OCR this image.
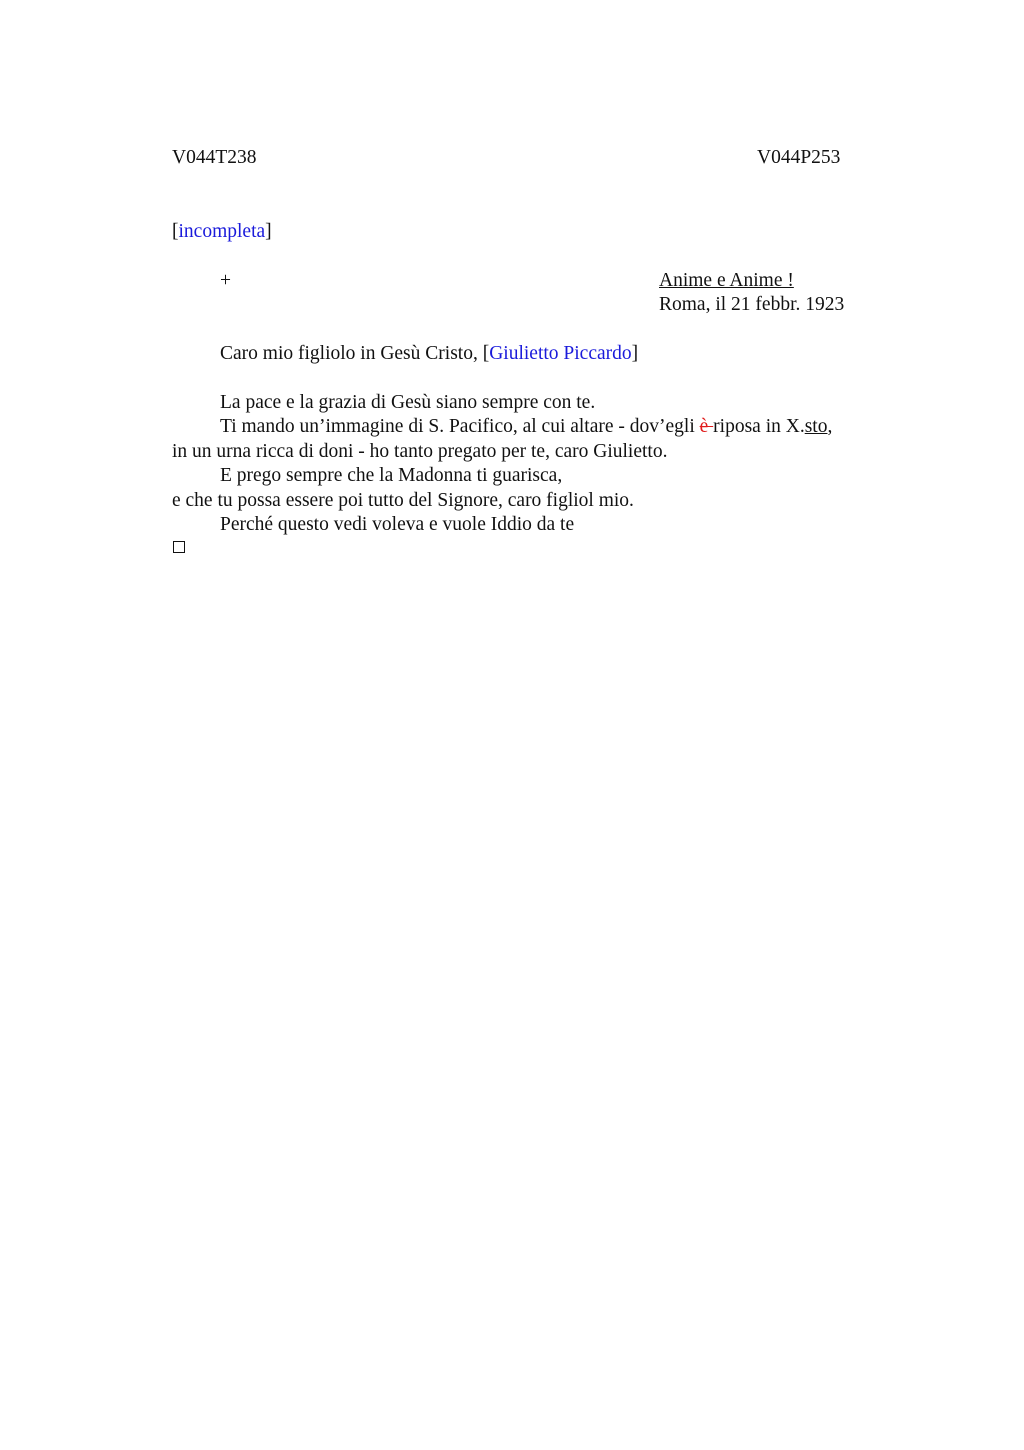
V044T238	V044P253
[incompleta]
+	Anime e Anime !
Roma, il 21 febbr. 1923
Caro mio figliolo in Gesù Cristo, [Giulietto Piccardo]
La pace e la grazia di Gesù siano sempre con te.
Ti mando un’immagine di S. Pacifico, al cui altare - dov’egli è riposa in X.sto,
in un urna ricca di doni - ho tanto pregato per te, caro Giulietto.
E prego sempre che la Madonna ti guarisca,
e che tu possa essere poi tutto del Signore, caro figliol mio.
Perché questo vedi voleva e vuole Iddio da te
